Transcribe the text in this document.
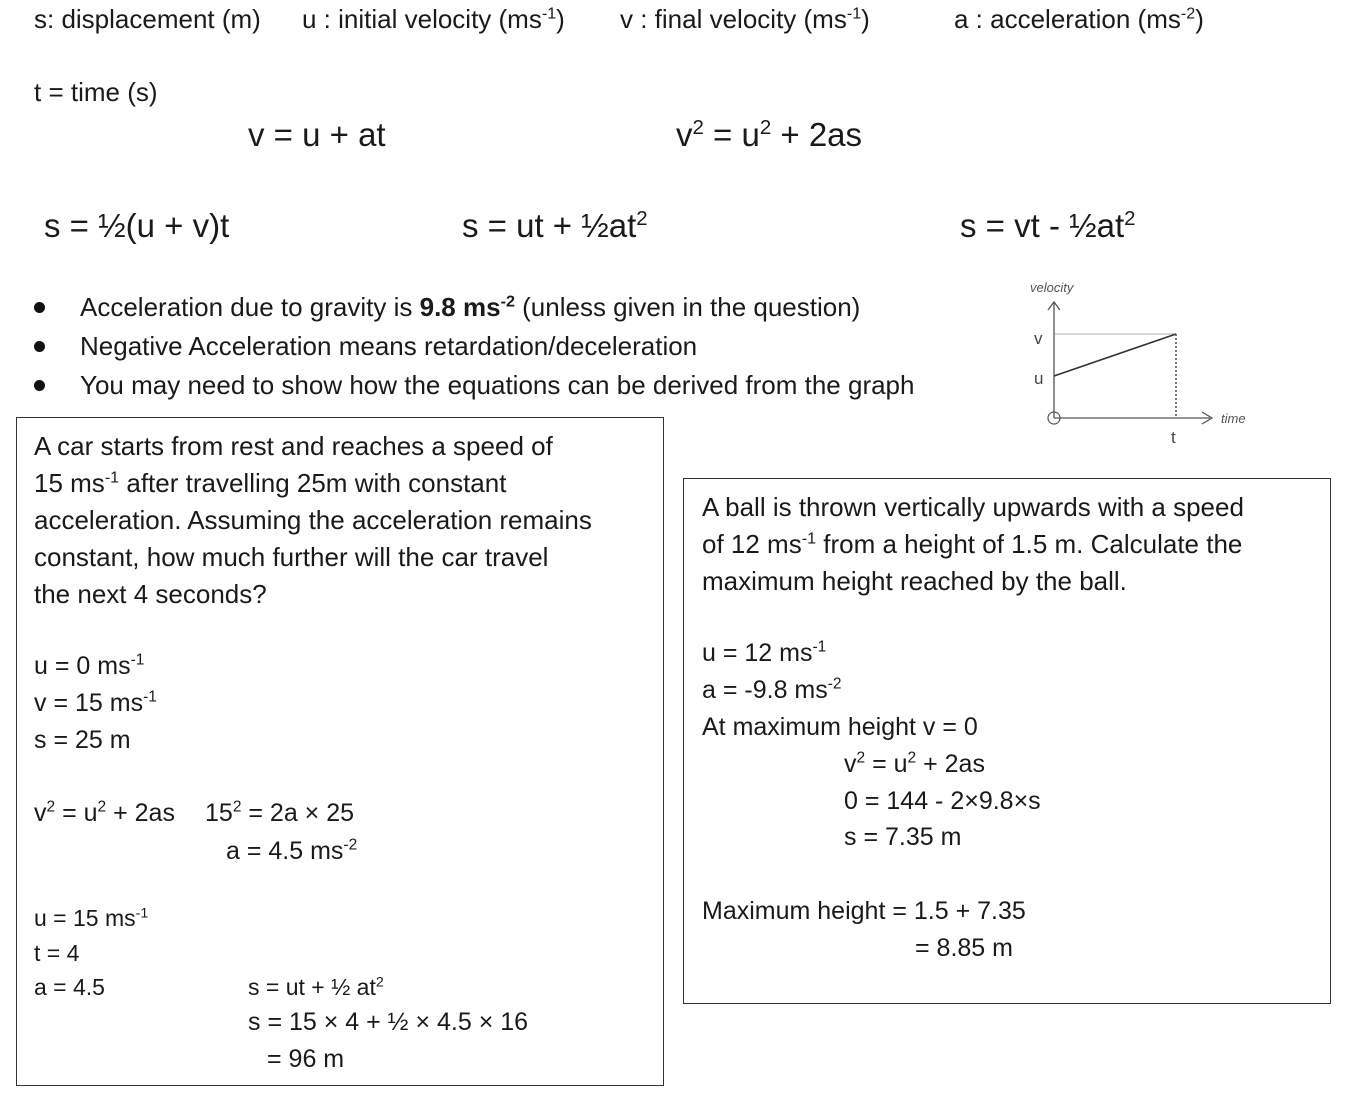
s: displacement (m) u : initial velocity $(ms^{-1})$ v : final velocity $(ms^{-1})$	a : acceleration $(ms^{-2})$
t = time (s)
v = u + at	$v^2 = u^2 + 2as$
s = ½(u + v)t	s = ut + $\frac{1}{2}at^2$	s = vt - $\frac{1}{2}at^2$
Acceleration due to gravity is 9.8 $ms^{-2}$ (unless given in the question)
Negative Acceleration means retardation/deceleration
You may need to show how the equations can be derived from the graph
velocity
v
u
t
time
A car starts from rest and reaches a speed of
15 $ms^{-1}$ after travelling 25m with constant
acceleration. Assuming the acceleration remains
constant, how much further will the car travel
the next 4 seconds?
u = 0 $ms^{-1}$
v = 15 $ms^{-1}$
s = 25 m
$v^2 = u^2 + 2as$ $15^2 = 2a \times 25$
a = 4.5 $ms^{-2}$
u = 15 $ms^{-1}$
t = 4
a = 4.5	s = ut + ½ $at^2$
s = 15 × 4 + ½ × 4.5 × 16
= 96 m
A ball is thrown vertically upwards with a speed
of 12 $ms^{-1}$ from a height of 1.5 m. Calculate the
maximum height reached by the ball.
u = 12 $ms^{-1}$
a = -9.8 $ms^{-2}$
At maximum height v = 0
$v^2 = u^2 + 2as$
0 = 144 - 2×9.8×s
s = 7.35 m
Maximum height = 1.5 + 7.35
= 8.85 m
